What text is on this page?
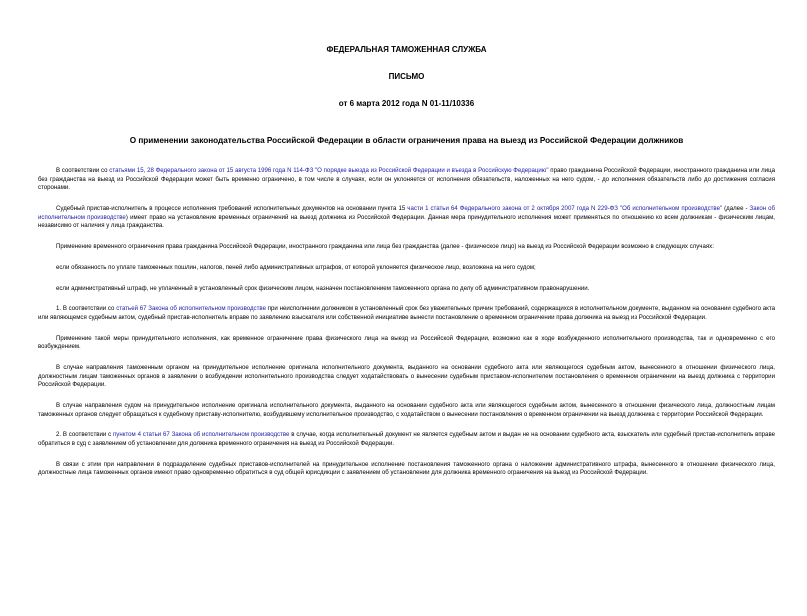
ФЕДЕРАЛЬНАЯ ТАМОЖЕННАЯ СЛУЖБА
ПИСЬМО
от 6 марта 2012 года N 01-11/10336
О применении законодательства Российской Федерации в области ограничения права на выезд из Российской Федерации должников

В соответствии со статьями 15, 28 Федерального закона от 15 августа 1996 года N 114-ФЗ "О порядке выезда из Российской Федерации и въезда в Российскую Федерацию" право гражданина Российской Федерации, иностранного гражданина или лица без гражданства на выезд из Российской Федерации может быть временно ограничено, в том числе в случаях, если он уклоняется от исполнения обязательств, наложенных на него судом, - до исполнения обязательств либо до достижения согласия сторонами.

Судебный пристав-исполнитель в процессе исполнения требований исполнительных документов на основании пункта 15 части 1 статьи 64 Федерального закона от 2 октября 2007 года N 229-ФЗ "Об исполнительном производстве" (далее - Закон об исполнительном производстве) имеет право на установление временных ограничений на выезд должника из Российской Федерации. Данная мера принудительного исполнения может применяться по отношению ко всем должникам - физическим лицам, независимо от наличия у лица гражданства.

Применение временного ограничения права гражданина Российской Федерации, иностранного гражданина или лица без гражданства (далее - физическое лицо) на выезд из Российской Федерации возможно в следующих случаях:

если обязанность по уплате таможенных пошлин, налогов, пеней либо административных штрафов, от которой уклоняется физическое лицо, возложена на него судом;

если административный штраф, не уплаченный в установленный срок физическим лицом, назначен постановлением таможенного органа по делу об административном правонарушении.

1. В соответствии со статьей 67 Закона об исполнительном производстве при неисполнении должником в установленный срок без уважительных причин требований, содержащихся в исполнительном документе, выданном на основании судебного акта или являющемся судебным актом, судебный пристав-исполнитель вправе по заявлению взыскателя или собственной инициативе вынести постановление о временном ограничении права должника на выезд из Российской Федерации.

Применение такой меры принудительного исполнения, как временное ограничение права физического лица на выезд из Российской Федерации, возможно как в ходе возбужденного исполнительного производства, так и одновременно с его возбуждением.

В случае направления таможенным органом на принудительное исполнение оригинала исполнительного документа, выданного на основании судебного акта или являющегося судебным актом, вынесенного в отношении физического лица, должностным лицам таможенных органов в заявлении о возбуждении исполнительного производства следует ходатайствовать о вынесении судебным приставом-исполнителем постановления о временном ограничении на выезд должника с территории Российской Федерации.

В случае направления судом на принудительное исполнение оригинала исполнительного документа, выданного на основании судебного акта или являющегося судебным актом, вынесенного в отношении физического лица, должностным лицам таможенных органов следует обращаться к судебному приставу-исполнителю, возбудившему исполнительное производство, с ходатайством о вынесении постановления о временном ограничении на выезд должника с территории Российской Федерации.

2. В соответствии с пунктом 4 статьи 67 Закона об исполнительном производстве в случае, когда исполнительный документ не является судебным актом и выдан не на основании судебного акта, взыскатель или судебный пристав-исполнитель вправе обратиться в суд с заявлением об установлении для должника временного ограничения на выезд из Российской Федерации.

В связи с этим при направлении в подразделение судебных приставов-исполнителей на принудительное исполнение постановления таможенного органа о наложении административного штрафа, вынесенного в отношении физического лица, должностные лица таможенных органов имеют право одновременно обратиться в суд общей юрисдикции с заявлением об установлении для должника временного ограничения на выезд из Российской Федерации.
